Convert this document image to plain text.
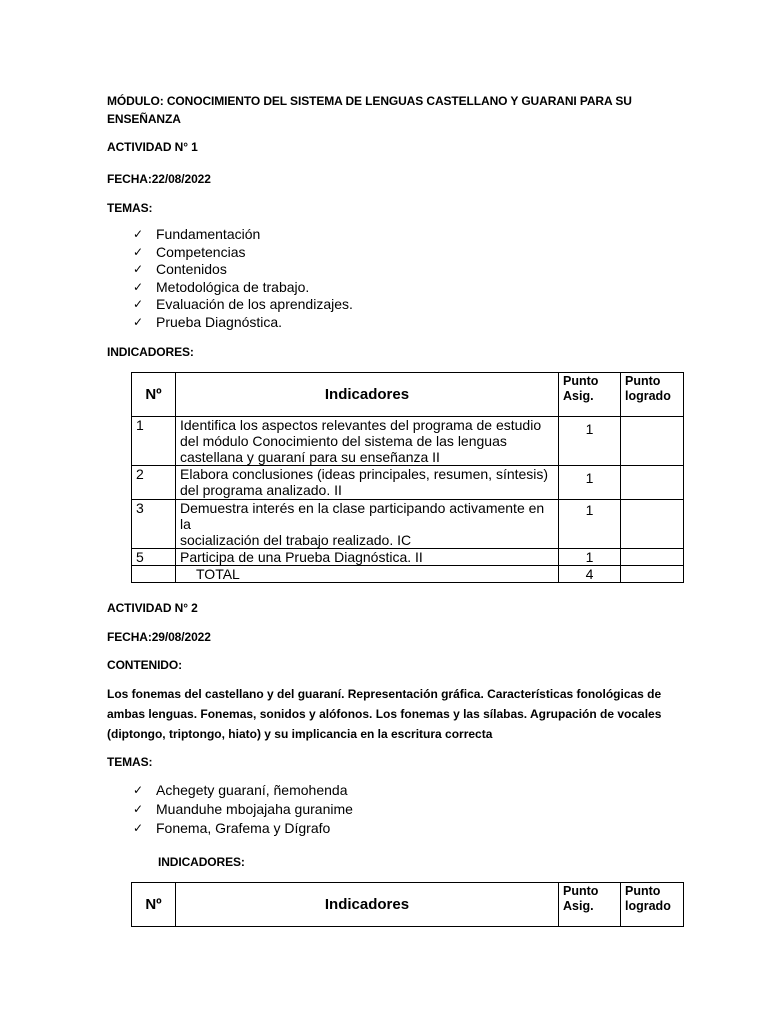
MÓDULO: CONOCIMIENTO DEL SISTEMA DE LENGUAS CASTELLANO Y GUARANI PARA SU
ENSEÑANZA
ACTIVIDAD N° 1
FECHA:22/08/2022
TEMAS:
✓ Fundamentación
✓ Competencias
✓ Contenidos
✓ Metodológica de trabajo.
✓ Evaluación de los aprendizajes.
✓ Prueba Diagnóstica.
INDICADORES:
Nº	Indicadores	Punto Asig.	Punto logrado
1	Identifica los aspectos relevantes del programa de estudio
del módulo Conocimiento del sistema de las lenguas
castellana y guaraní para su enseñanza II	1	
2	Elabora conclusiones (ideas principales, resumen, síntesis)
del programa analizado. II	1	
3	Demuestra interés en la clase participando activamente en la
socialización del trabajo realizado. IC	1	
5	Participa de una Prueba Diagnóstica. II	1	
	TOTAL	4	
ACTIVIDAD N° 2
FECHA:29/08/2022
CONTENIDO:
Los fonemas del castellano y del guaraní. Representación gráfica. Características fonológicas de
ambas lenguas. Fonemas, sonidos y alófonos. Los fonemas y las sílabas. Agrupación de vocales
(diptongo, triptongo, hiato) y su implicancia en la escritura correcta
TEMAS:
✓ Achegety guaraní, ñemohenda
✓ Muanduhe mbojajaha guranime
✓ Fonema, Grafema y Dígrafo
INDICADORES:
Nº	Indicadores	Punto Asig.	Punto logrado
